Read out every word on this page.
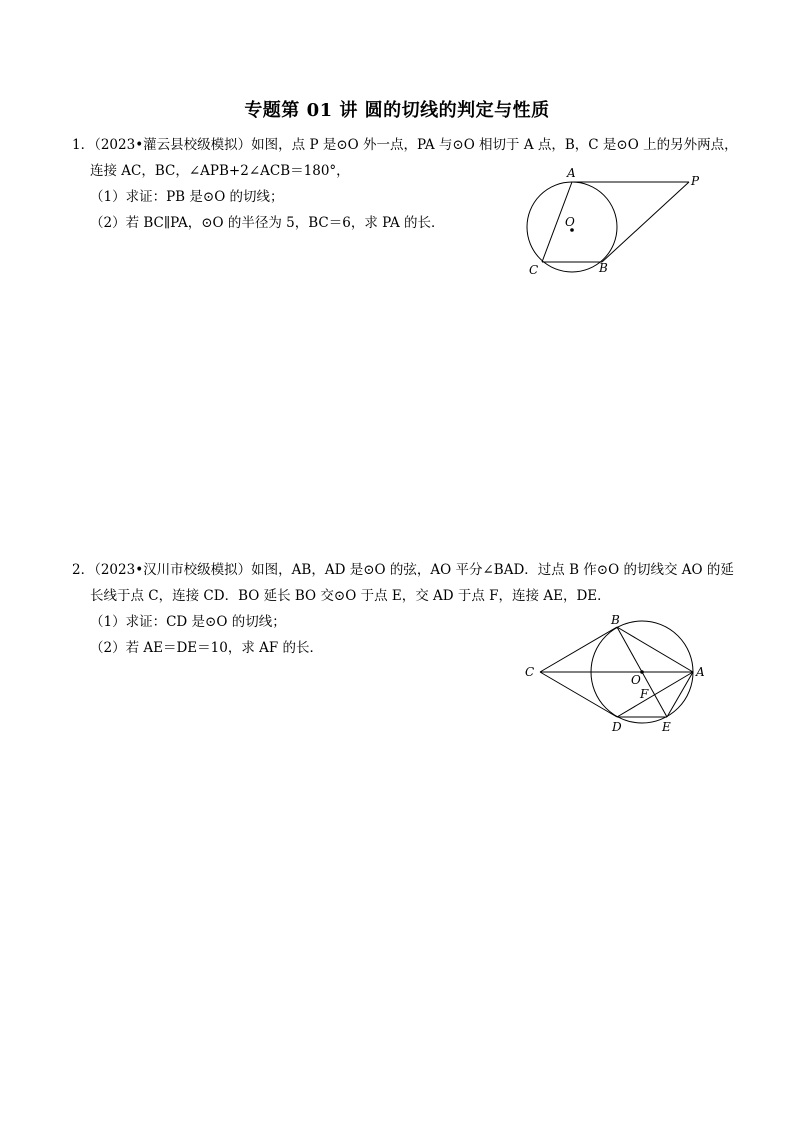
专题第 01 讲 圆的切线的判定与性质
1．（2023•灌云县校级模拟）如图，点 P 是⊙O 外一点，PA 与⊙O 相切于 A 点，B，C 是⊙O 上的另外两点，
连接 AC，BC，∠APB+2∠ACB＝180°，
（1）求证：PB 是⊙O 的切线；
（2）若 BC∥PA，⊙O 的半径为 5，BC＝6，求 PA 的长．
A
P
O
C	B
2．（2023•汉川市校级模拟）如图，AB，AD 是⊙O 的弦，AO 平分∠BAD．过点 B 作⊙O 的切线交 AO 的延
长线于点 C，连接 CD．BO 延长 BO 交⊙O 于点 E，交 AD 于点 F，连接 AE，DE．
（1）求证：CD 是⊙O 的切线；
（2）若 AE＝DE＝10，求 AF 的长．
B
C
O
A
F
D	E
